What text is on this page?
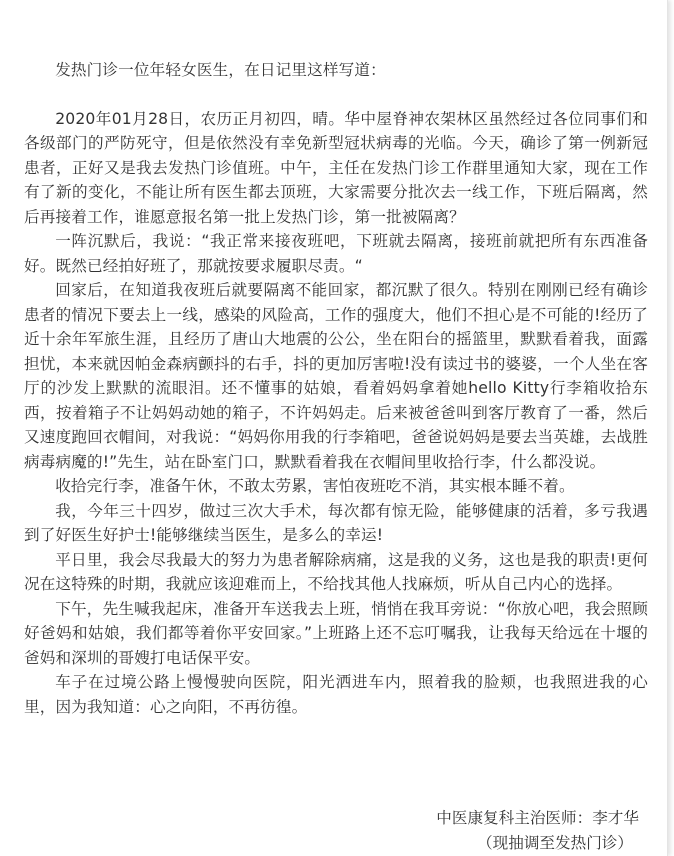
发热门诊一位年轻女医生，在日记里这样写道：

2020年01月28日，农历正月初四，晴。华中屋脊神农架林区虽然经过各位同事们和各级部门的严防死守，但是依然没有幸免新型冠状病毒的光临。今天，确诊了第一例新冠患者，正好又是我去发热门诊值班。中午，主任在发热门诊工作群里通知大家，现在工作有了新的变化，不能让所有医生都去顶班，大家需要分批次去一线工作，下班后隔离，然后再接着工作，谁愿意报名第一批上发热门诊，第一批被隔离？

一阵沉默后，我说：“我正常来接夜班吧，下班就去隔离，接班前就把所有东西准备好。既然已经拍好班了，那就按要求履职尽责。“

回家后，在知道我夜班后就要隔离不能回家，都沉默了很久。特别在刚刚已经有确诊患者的情况下要去上一线，感染的风险高，工作的强度大，他们不担心是不可能的!经历了近十余年军旅生涯，且经历了唐山大地震的公公，坐在阳台的摇篮里，默默看着我，面露担忧，本来就因帕金森病颤抖的右手，抖的更加厉害啦!没有读过书的婆婆，一个人坐在客厅的沙发上默默的流眼泪。还不懂事的姑娘，看着妈妈拿着她hello Kitty行李箱收拾东西，按着箱子不让妈妈动她的箱子，不许妈妈走。后来被爸爸叫到客厅教育了一番，然后又速度跑回衣帽间，对我说：“妈妈你用我的行李箱吧，爸爸说妈妈是要去当英雄，去战胜病毒病魔的!”先生，站在卧室门口，默默看着我在衣帽间里收拾行李，什么都没说。

收拾完行李，准备午休，不敢太劳累，害怕夜班吃不消，其实根本睡不着。

我，今年三十四岁，做过三次大手术，每次都有惊无险，能够健康的活着，多亏我遇到了好医生好护士!能够继续当医生，是多么的幸运!

平日里，我会尽我最大的努力为患者解除病痛，这是我的义务，这也是我的职责!更何况在这特殊的时期，我就应该迎难而上，不给找其他人找麻烦，听从自己内心的选择。

下午，先生喊我起床，准备开车送我去上班，悄悄在我耳旁说：“你放心吧，我会照顾好爸妈和姑娘，我们都等着你平安回家。”上班路上还不忘叮嘱我，让我每天给远在十堰的爸妈和深圳的哥嫂打电话保平安。

车子在过境公路上慢慢驶向医院，阳光洒进车内，照着我的脸颊，也我照进我的心里，因为我知道：心之向阳，不再彷徨。

中医康复科主治医师：李才华
（现抽调至发热门诊）
